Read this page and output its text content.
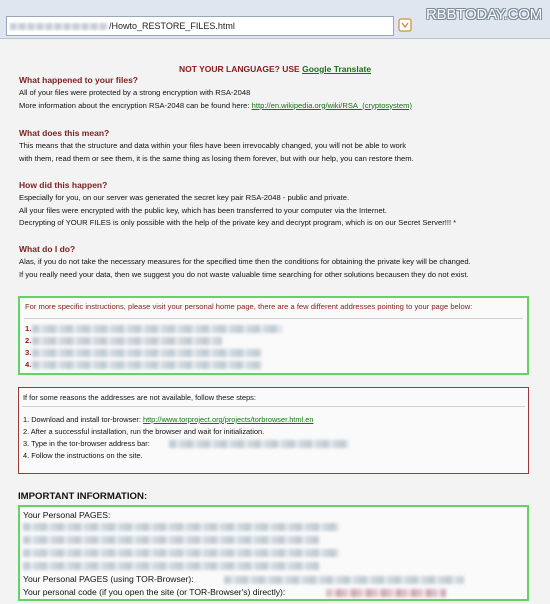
/Howto_RESTORE_FILES.html
RBBTODAY.COM
NOT YOUR LANGUAGE? USE Google Translate
What happened to your files?
All of your files were protected by a strong encryption with RSA-2048
More information about the encryption RSA-2048 can be found here: http://en.wikipedia.org/wiki/RSA_(cryptosystem)
What does this mean?
This means that the structure and data within your files have been irrevocably changed, you will not be able to work
with them, read them or see them, it is the same thing as losing them forever, but with our help, you can restore them.
How did this happen?
Especially for you, on our server was generated the secret key pair RSA-2048 - public and private.
All your files were encrypted with the public key, which has been transferred to your computer via the Internet.
Decrypting of YOUR FILES is only possible with the help of the private key and decrypt program, which is on our Secret Server!!! *
What do I do?
Alas, if you do not take the necessary measures for the specified time then the conditions for obtaining the private key will be changed.
If you really need your data, then we suggest you do not waste valuable time searching for other solutions becausen they do not exist.
For more specific instructions, please visit your personal home page, there are a few different addresses pointing to your page below:
1.
2.
3.
4.
If for some reasons the addresses are not available, follow these steps:
1. Download and install tor-browser: http://www.torproject.org/projects/torbrowser.html.en
2. After a successful installation, run the browser and wait for initialization.
3. Type in the tor-browser address bar:
4. Follow the instructions on the site.
IMPORTANT INFORMATION:
Your Personal PAGES:
Your Personal PAGES (using TOR-Browser):
Your personal code (if you open the site (or TOR-Browser's) directly):
